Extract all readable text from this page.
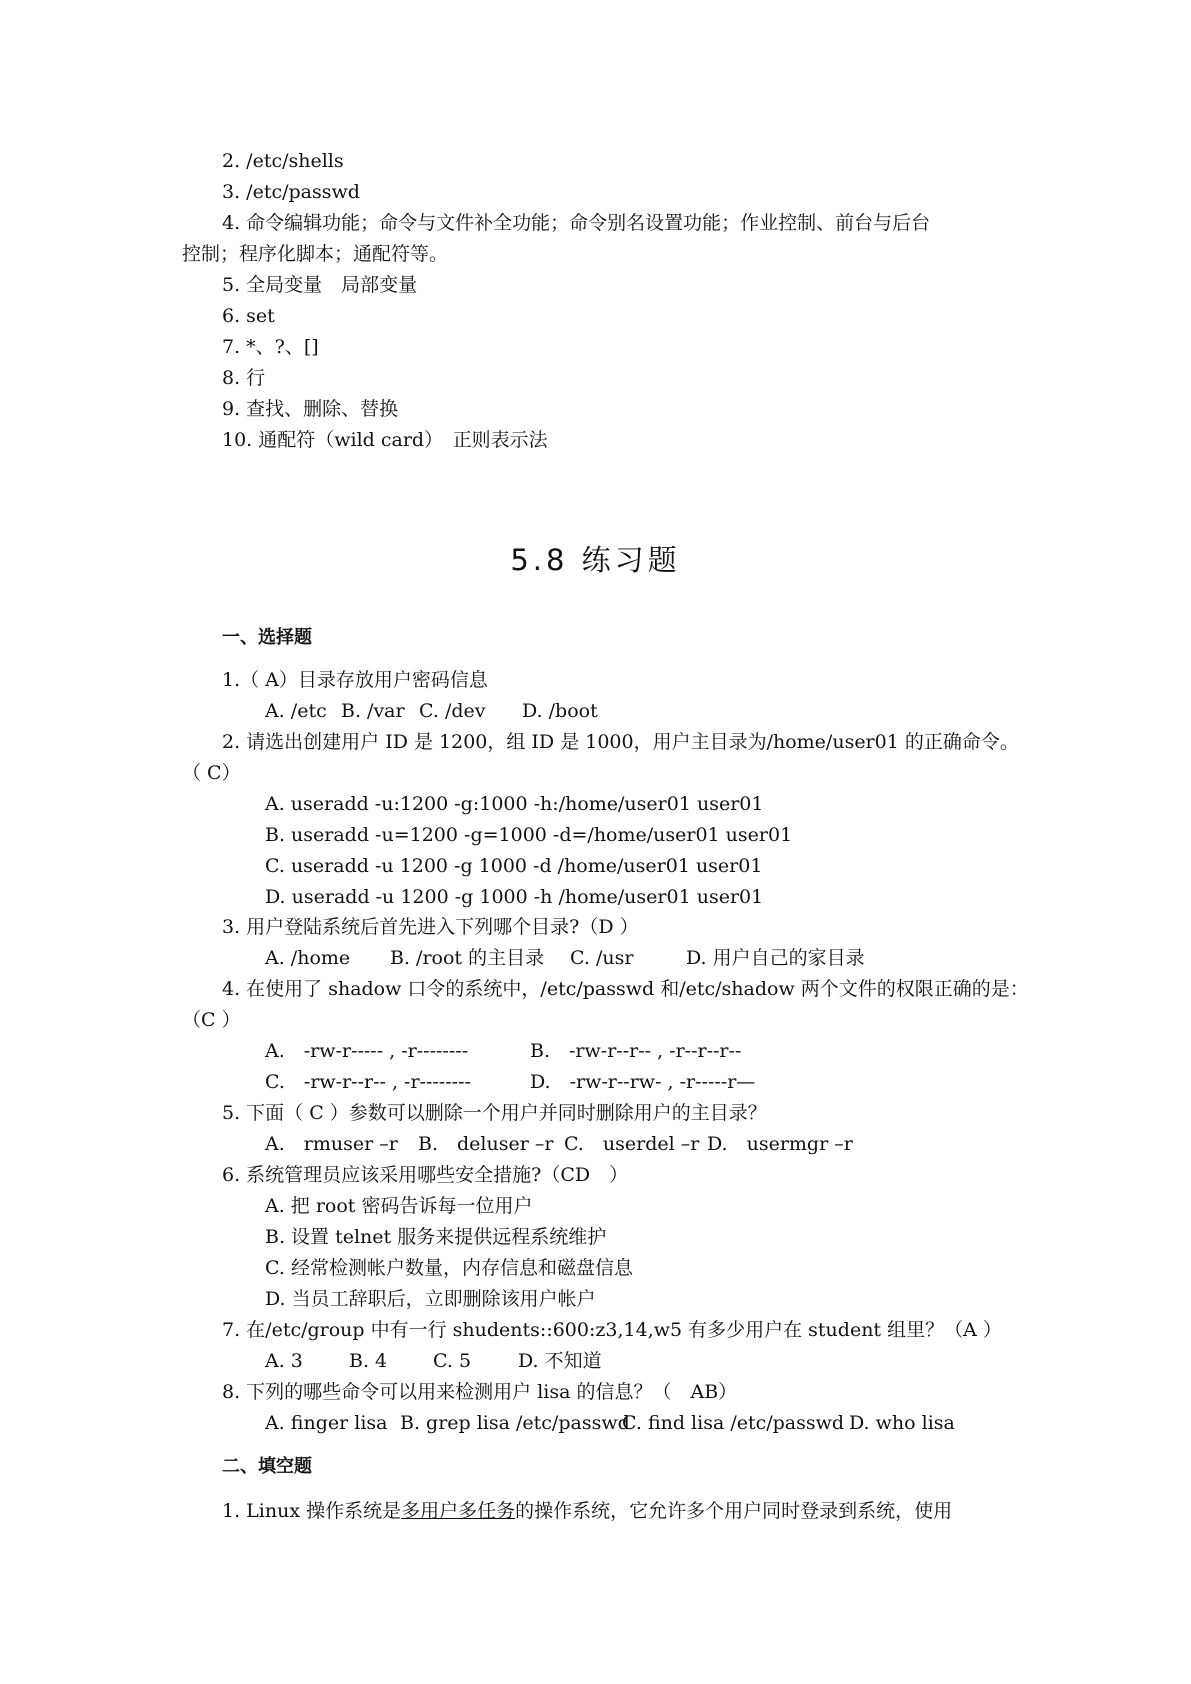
2. /etc/shells
3. /etc/passwd
4. 命令编辑功能；命令与文件补全功能；命令别名设置功能；作业控制、前台与后台
控制；程序化脚本；通配符等。
5. 全局变量　局部变量
6. set
7. *、?、[]
8. 行
9. 查找、删除、替换
10. 通配符（wild card）　正则表示法
5.8 练习题
一、选择题
1.（ A）目录存放用户密码信息
A. /etc B. /var C. /dev D. /boot
2. 请选出创建用户 ID 是 1200，组 ID 是 1000，用户主目录为/home/user01 的正确命令。
（ C）
A. useradd -u:1200 -g:1000 -h:/home/user01 user01
B. useradd -u=1200 -g=1000 -d=/home/user01 user01
C. useradd -u 1200 -g 1000 -d /home/user01 user01
D. useradd -u 1200 -g 1000 -h /home/user01 user01
3. 用户登陆系统后首先进入下列哪个目录?（D ）
A. /home B. /root 的主目录 C. /usr	D. 用户自己的家目录
4. 在使用了 shadow 口令的系统中，/etc/passwd 和/etc/shadow 两个文件的权限正确的是：
（C ）
A.　-rw-r----- , -r--------	B.　-rw-r--r-- , -r--r--r--
C.　-rw-r--r-- , -r--------	D.　-rw-r--rw- , -r-----r—
5. 下面（ C ）参数可以删除一个用户并同时删除用户的主目录？
A.　rmuser –r B.　deluser –r C.　userdel –r D.　usermgr –r
6. 系统管理员应该采用哪些安全措施?（CD　）
A. 把 root 密码告诉每一位用户
B. 设置 telnet 服务来提供远程系统维护
C. 经常检测帐户数量，内存信息和磁盘信息
D. 当员工辞职后，立即删除该用户帐户
7. 在/etc/group 中有一行 shudents::600:z3,14,w5 有多少用户在 student 组里？（A ）
A. 3 B. 4 C. 5 D. 不知道
8. 下列的哪些命令可以用来检测用户 lisa 的信息？（　AB）
A. finger lisa B. grep lisa /etc/passwdC. find lisa /etc/passwd D. who lisa
二、填空题
1. Linux 操作系统是多用户多任务的操作系统，它允许多个用户同时登录到系统，使用
